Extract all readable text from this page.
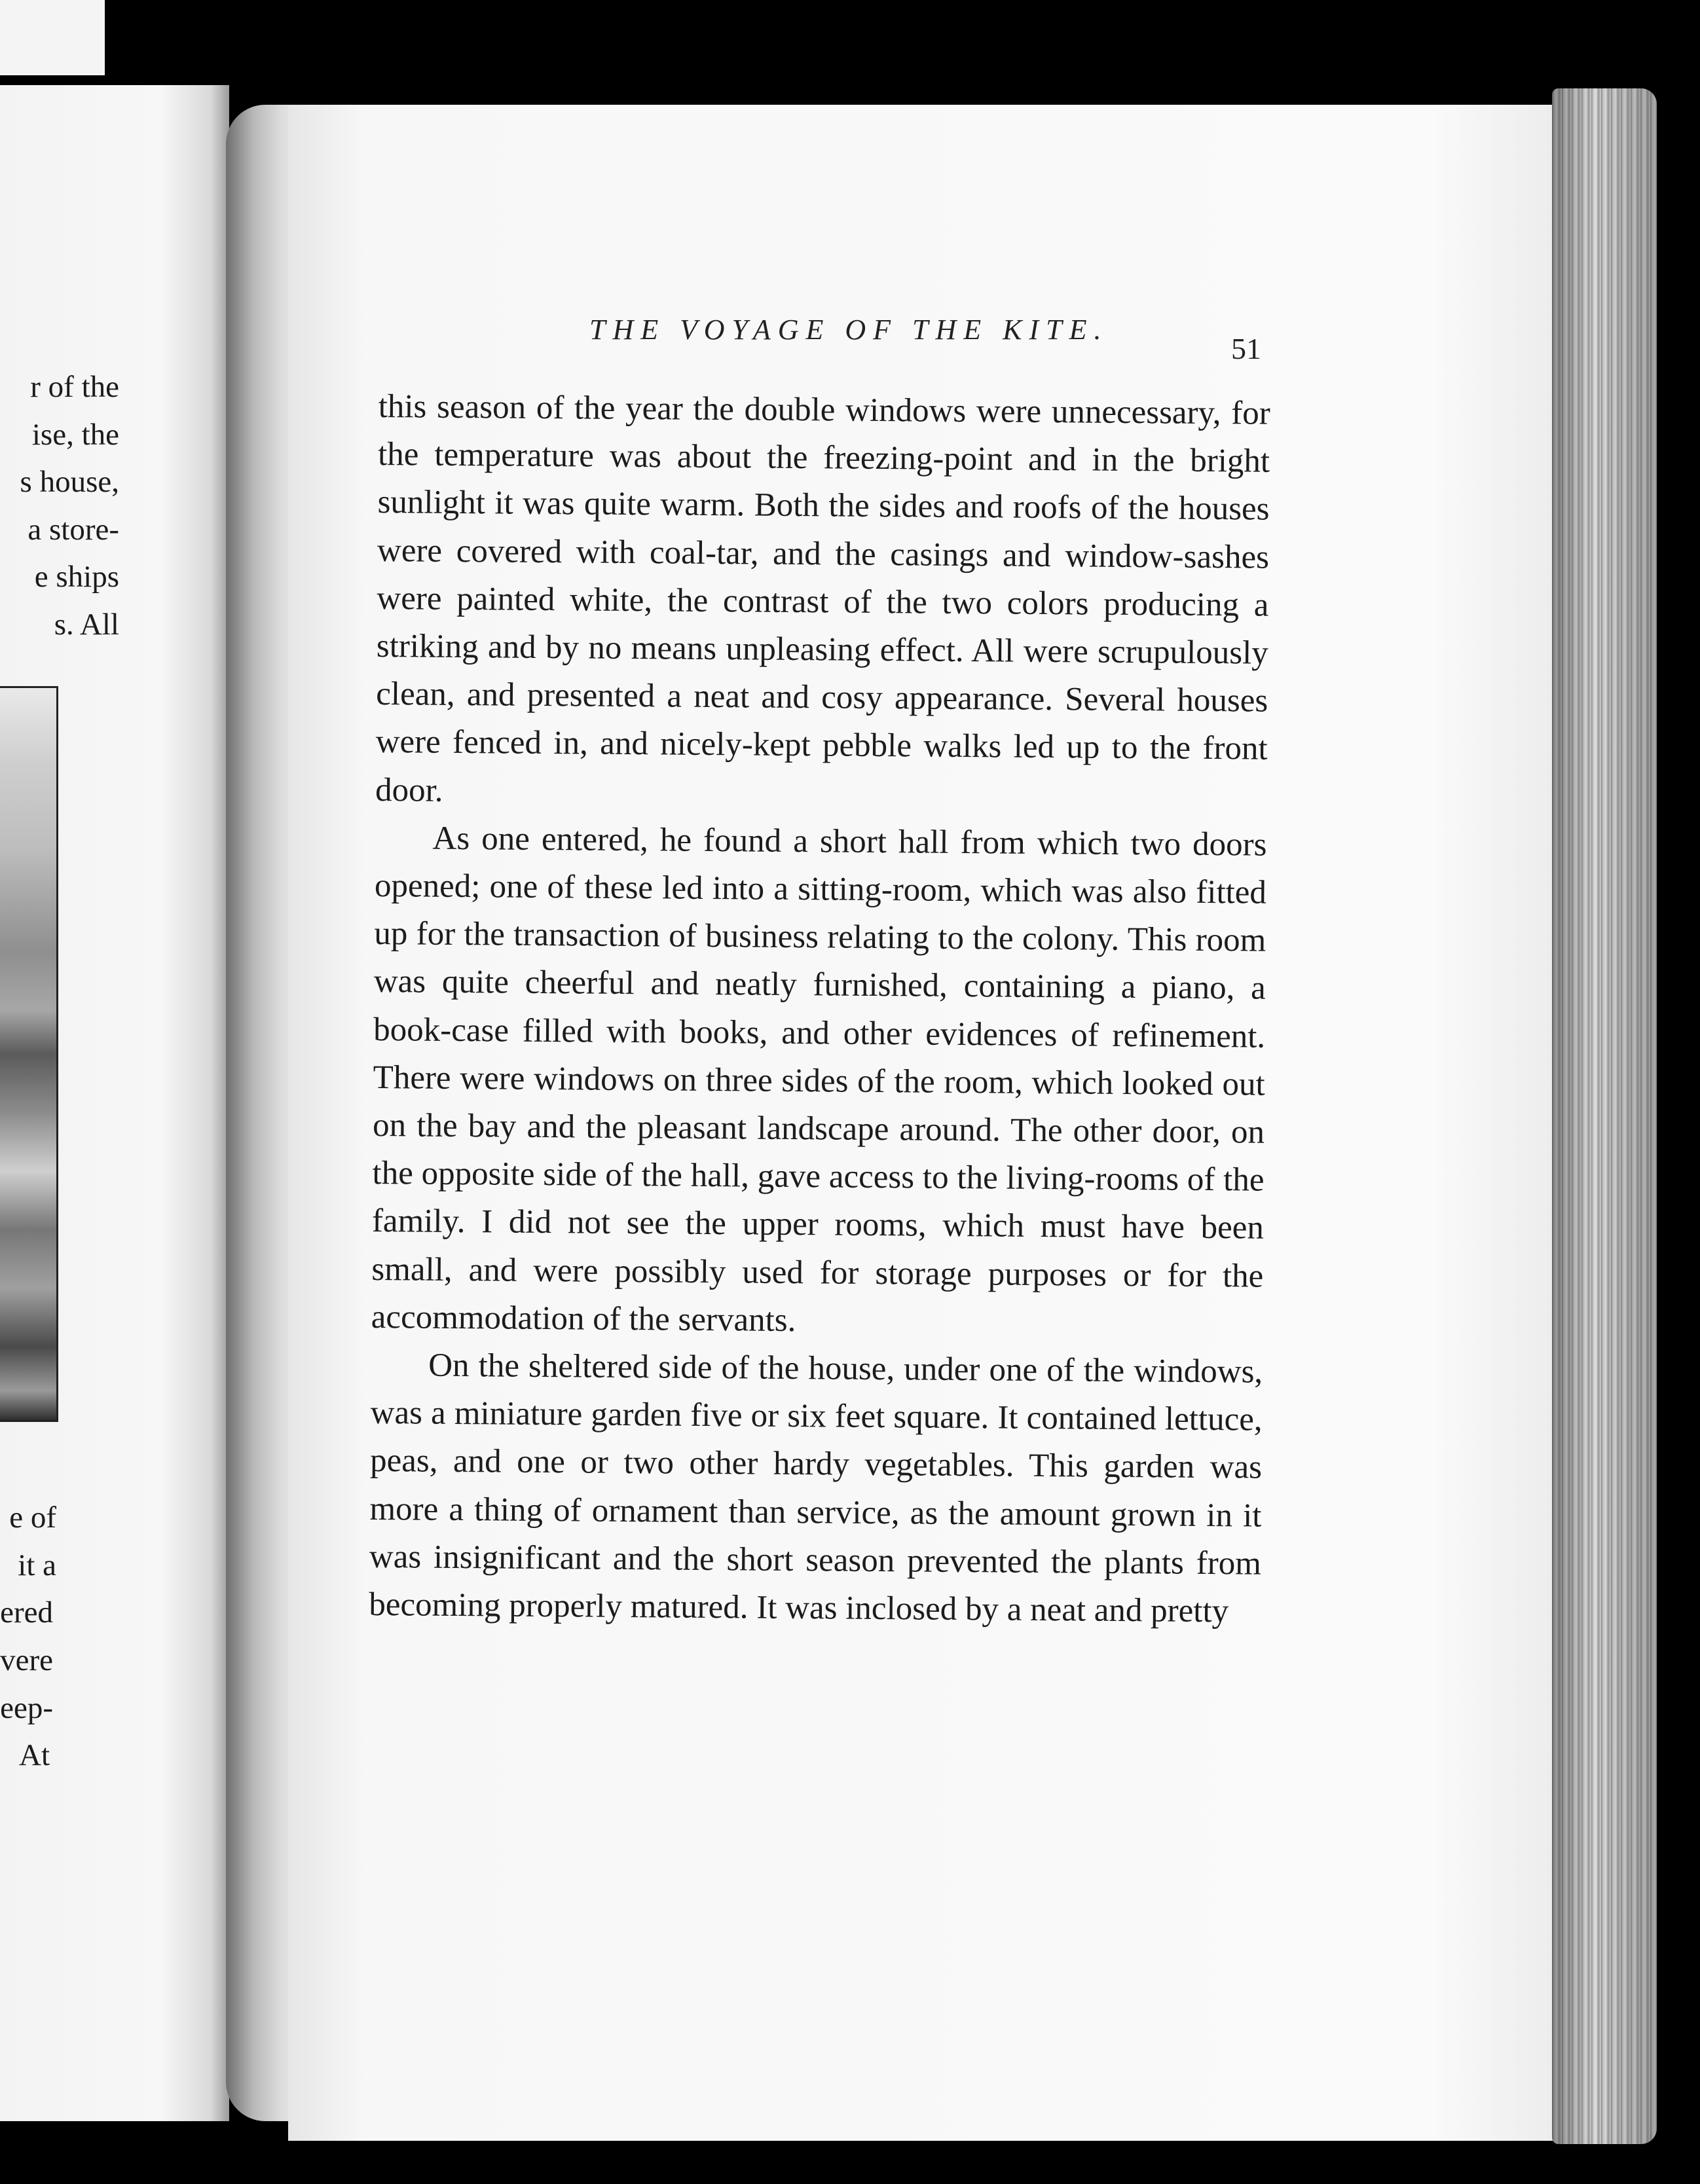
r of the

ise, the

s house,

a store-

e ships

s. All

e of

it a

ered

vere

eep-

At

THE VOYAGE OF THE KITE.

51

this season of the year the double windows were unnecessary, for the temperature was about the freezing-point and in the bright sunlight it was quite warm. Both the sides and roofs of the houses were covered with coal-tar, and the casings and window-sashes were painted white, the contrast of the two colors producing a striking and by no means unpleasing effect. All were scrupulously clean, and presented a neat and cosy appearance. Several houses were fenced in, and nicely-kept pebble walks led up to the front door.

As one entered, he found a short hall from which two doors opened; one of these led into a sitting-room, which was also fitted up for the transaction of business relating to the colony. This room was quite cheerful and neatly furnished, containing a piano, a book-case filled with books, and other evidences of refinement. There were windows on three sides of the room, which looked out on the bay and the pleasant landscape around. The other door, on the opposite side of the hall, gave access to the living-rooms of the family. I did not see the upper rooms, which must have been small, and were possibly used for storage purposes or for the accommodation of the servants.

On the sheltered side of the house, under one of the windows, was a miniature garden five or six feet square. It contained lettuce, peas, and one or two other hardy vegetables. This garden was more a thing of ornament than service, as the amount grown in it was insignificant and the short season prevented the plants from becoming properly matured. It was inclosed by a neat and pretty
